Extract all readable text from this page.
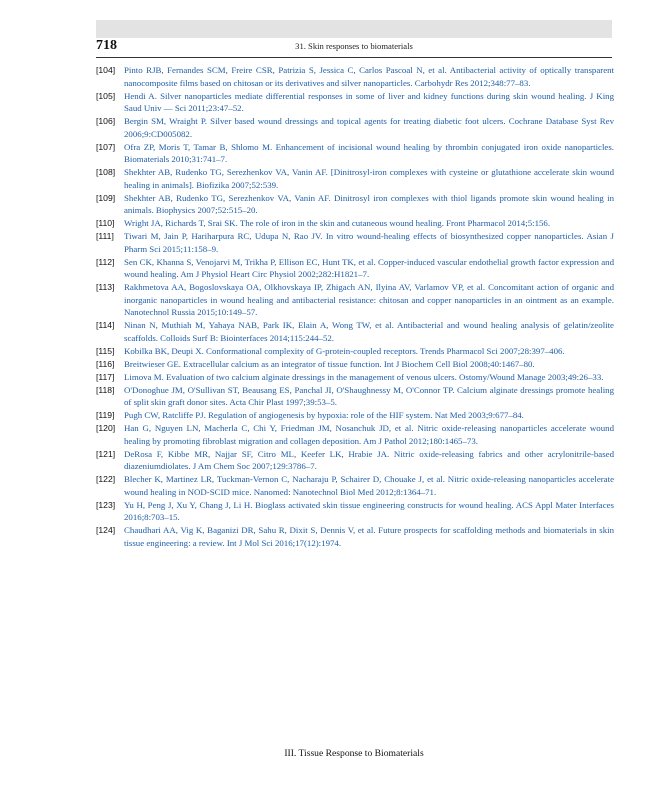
718	31. Skin responses to biomaterials
[104] Pinto RJB, Fernandes SCM, Freire CSR, Patrizia S, Jessica C, Carlos Pascoal N, et al. Antibacterial activity of optically transparent nanocomposite films based on chitosan or its derivatives and silver nanoparticles. Carbohydr Res 2012;348:77–83.
[105] Hendi A. Silver nanoparticles mediate differential responses in some of liver and kidney functions during skin wound healing. J King Saud Univ — Sci 2011;23:47–52.
[106] Bergin SM, Wraight P. Silver based wound dressings and topical agents for treating diabetic foot ulcers. Cochrane Database Syst Rev 2006;9:CD005082.
[107] Ofra ZP, Moris T, Tamar B, Shlomo M. Enhancement of incisional wound healing by thrombin conjugated iron oxide nanoparticles. Biomaterials 2010;31:741–7.
[108] Shekhter AB, Rudenko TG, Serezhenkov VA, Vanin AF. [Dinitrosyl-iron complexes with cysteine or glutathione accelerate skin wound healing in animals]. Biofizika 2007;52:539.
[109] Shekhter AB, Rudenko TG, Serezhenkov VA, Vanin AF. Dinitrosyl iron complexes with thiol ligands promote skin wound healing in animals. Biophysics 2007;52:515–20.
[110] Wright JA, Richards T, Srai SK. The role of iron in the skin and cutaneous wound healing. Front Pharmacol 2014;5:156.
[111] Tiwari M, Jain P, Hariharpura RC, Udupa N, Rao JV. In vitro wound-healing effects of biosynthesized copper nanoparticles. Asian J Pharm Sci 2015;11:158–9.
[112] Sen CK, Khanna S, Venojarvi M, Trikha P, Ellison EC, Hunt TK, et al. Copper-induced vascular endothelial growth factor expression and wound healing. Am J Physiol Heart Circ Physiol 2002;282:H1821–7.
[113] Rakhmetova AA, Bogoslovskaya OA, Olkhovskaya IP, Zhigach AN, Ilyina AV, Varlamov VP, et al. Concomitant action of organic and inorganic nanoparticles in wound healing and antibacterial resistance: chitosan and copper nanoparticles in an ointment as an example. Nanotechnol Russia 2015;10:149–57.
[114] Ninan N, Muthiah M, Yahaya NAB, Park IK, Elain A, Wong TW, et al. Antibacterial and wound healing analysis of gelatin/zeolite scaffolds. Colloids Surf B: Biointerfaces 2014;115:244–52.
[115] Kobilka BK, Deupi X. Conformational complexity of G-protein-coupled receptors. Trends Pharmacol Sci 2007;28:397–406.
[116] Breitwieser GE. Extracellular calcium as an integrator of tissue function. Int J Biochem Cell Biol 2008;40:1467–80.
[117] Limova M. Evaluation of two calcium alginate dressings in the management of venous ulcers. Ostomy/Wound Manage 2003;49:26–33.
[118] O'Donoghue JM, O'Sullivan ST, Beausang ES, Panchal JI, O'Shaughnessy M, O'Connor TP. Calcium alginate dressings promote healing of split skin graft donor sites. Acta Chir Plast 1997;39:53–5.
[119] Pugh CW, Ratcliffe PJ. Regulation of angiogenesis by hypoxia: role of the HIF system. Nat Med 2003;9:677–84.
[120] Han G, Nguyen LN, Macherla C, Chi Y, Friedman JM, Nosanchuk JD, et al. Nitric oxide-releasing nanoparticles accelerate wound healing by promoting fibroblast migration and collagen deposition. Am J Pathol 2012;180:1465–73.
[121] DeRosa F, Kibbe MR, Najjar SF, Citro ML, Keefer LK, Hrabie JA. Nitric oxide-releasing fabrics and other acrylonitrile-based diazeniumdiolates. J Am Chem Soc 2007;129:3786–7.
[122] Blecher K, Martinez LR, Tuckman-Vernon C, Nacharaju P, Schairer D, Chouake J, et al. Nitric oxide-releasing nanoparticles accelerate wound healing in NOD-SCID mice. Nanomed: Nanotechnol Biol Med 2012;8:1364–71.
[123] Yu H, Peng J, Xu Y, Chang J, Li H. Bioglass activated skin tissue engineering constructs for wound healing. ACS Appl Mater Interfaces 2016;8:703–15.
[124] Chaudhari AA, Vig K, Baganizi DR, Sahu R, Dixit S, Dennis V, et al. Future prospects for scaffolding methods and biomaterials in skin tissue engineering: a review. Int J Mol Sci 2016;17(12):1974.
III. Tissue Response to Biomaterials
